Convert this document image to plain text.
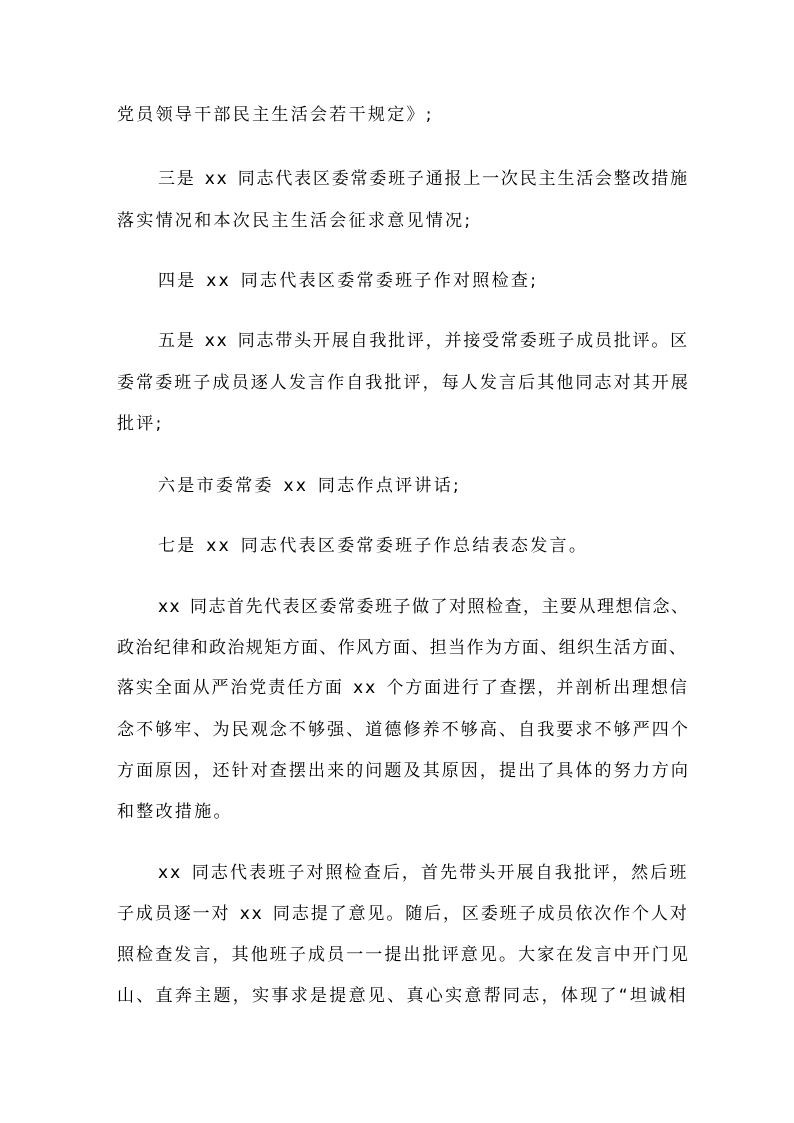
党员领导干部民主生活会若干规定》;
三是 xx 同志代表区委常委班子通报上一次民主生活会整改措施
落实情况和本次民主生活会征求意见情况;
四是 xx 同志代表区委常委班子作对照检查;
五是 xx 同志带头开展自我批评，并接受常委班子成员批评。区
委常委班子成员逐人发言作自我批评，每人发言后其他同志对其开展
批评;
六是市委常委 xx 同志作点评讲话;
七是 xx 同志代表区委常委班子作总结表态发言。
xx 同志首先代表区委常委班子做了对照检查，主要从理想信念、
政治纪律和政治规矩方面、作风方面、担当作为方面、组织生活方面、
落实全面从严治党责任方面 xx 个方面进行了查摆，并剖析出理想信
念不够牢、为民观念不够强、道德修养不够高、自我要求不够严四个
方面原因，还针对查摆出来的问题及其原因，提出了具体的努力方向
和整改措施。
xx 同志代表班子对照检查后，首先带头开展自我批评，然后班
子成员逐一对 xx 同志提了意见。随后，区委班子成员依次作个人对
照检查发言，其他班子成员一一提出批评意见。大家在发言中开门见
山、直奔主题，实事求是提意见、真心实意帮同志，体现了“坦诚相
